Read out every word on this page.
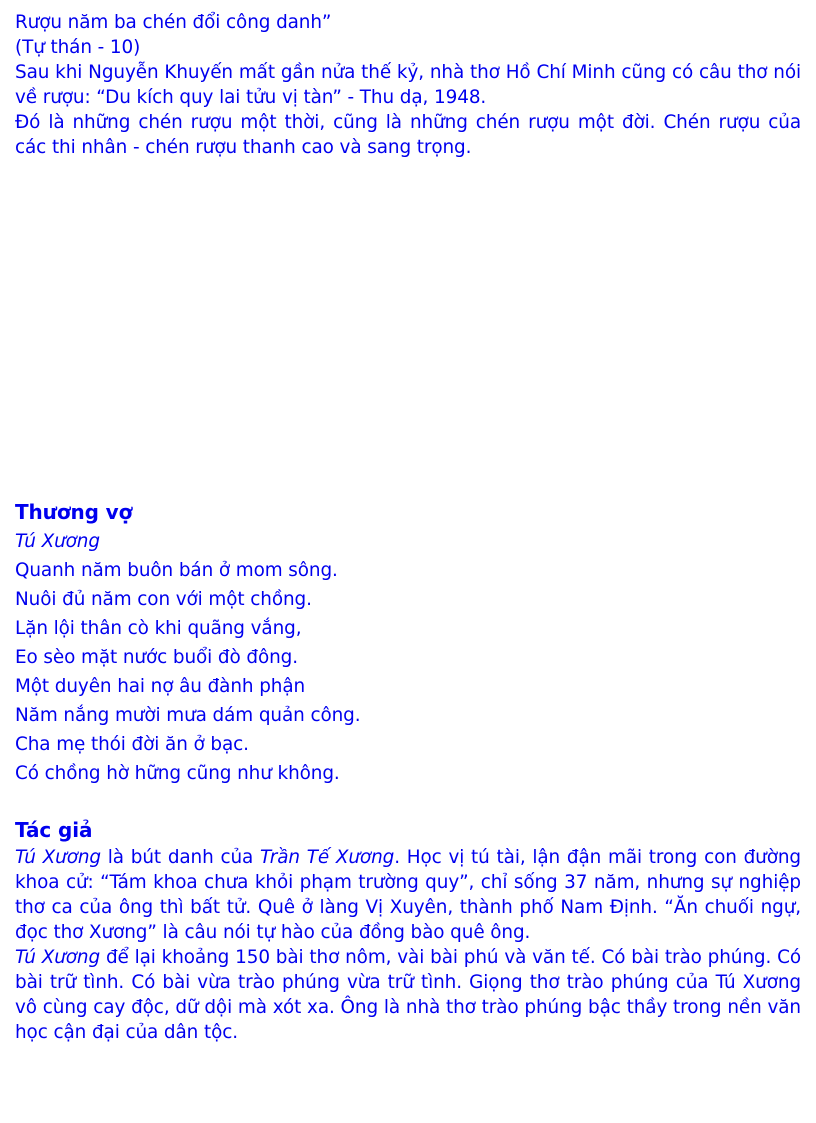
Rượu năm ba chén đổi công danh”

(Tự thán - 10)

Sau khi Nguyễn Khuyến mất gần nửa thế kỷ, nhà thơ Hồ Chí Minh cũng có câu thơ nói về rượu: “Du kích quy lai tửu vị tàn” - Thu dạ, 1948.

Đó là những chén rượu một thời, cũng là những chén rượu một đời. Chén rượu của các thi nhân - chén rượu thanh cao và sang trọng.

Thương vợ

Tú Xương

Quanh năm buôn bán ở mom sông.

Nuôi đủ năm con với một chồng.

Lặn lội thân cò khi quãng vắng,

Eo sèo mặt nước buổi đò đông.

Một duyên hai nợ âu đành phận

Năm nắng mười mưa dám quản công.

Cha mẹ thói đời ăn ở bạc.

Có chồng hờ hững cũng như không.

Tác giả

Tú Xương là bút danh của Trần Tế Xương. Học vị tú tài, lận đận mãi trong con đường khoa cử: “Tám khoa chưa khỏi phạm trường quy”, chỉ sống 37 năm, nhưng sự nghiệp thơ ca của ông thì bất tử. Quê ở làng Vị Xuyên, thành phố Nam Định. “Ăn chuối ngự, đọc thơ Xương” là câu nói tự hào của đồng bào quê ông.

Tú Xương để lại khoảng 150 bài thơ nôm, vài bài phú và văn tế. Có bài trào phúng. Có bài trữ tình. Có bài vừa trào phúng vừa trữ tình. Giọng thơ trào phúng của Tú Xương vô cùng cay độc, dữ dội mà xót xa. Ông là nhà thơ trào phúng bậc thầy trong nền văn học cận đại của dân tộc.
